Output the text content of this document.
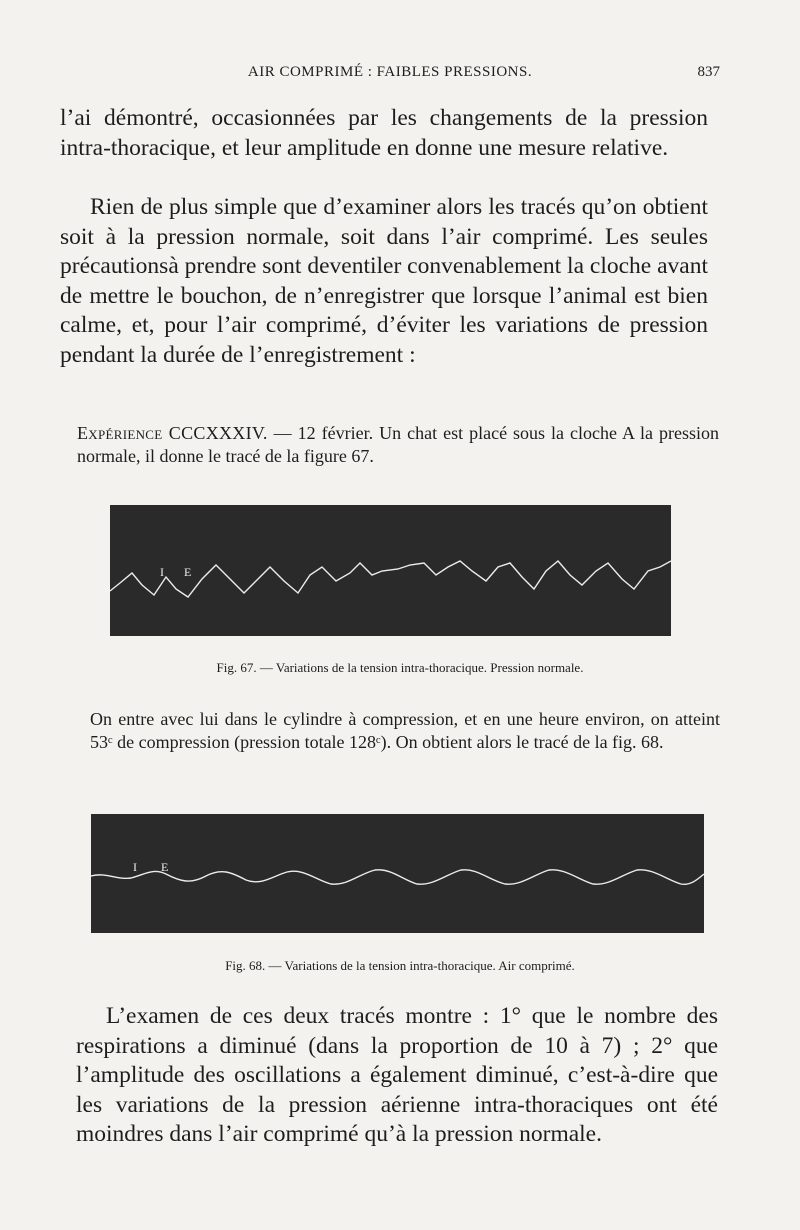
AIR COMPRIMÉ : FAIBLES PRESSIONS.	837

l’ai démontré, occasionnées par les changements de la pression intra-thoracique, et leur amplitude en donne une mesure relative.

Rien de plus simple que d’examiner alors les tracés qu’on obtient soit à la pression normale, soit dans l’air comprimé. Les seules précautionsà prendre sont deventiler convenablement la cloche avant de mettre le bouchon, de n’enregistrer que lorsque l’animal est bien calme, et, pour l’air comprimé, d’éviter les variations de pression pendant la durée de l’enregistrement :

Expérience CCCXXXIV. — 12 février. Un chat est placé sous la cloche A la pression normale, il donne le tracé de la figure 67.

I E

Fig. 67. — Variations de la tension intra-thoracique. Pression normale.

On entre avec lui dans le cylindre à compression, et en une heure environ, on atteint 53ᶜ de compression (pression totale 128ᶜ). On obtient alors le tracé de la fig. 68.

I E

Fig. 68. — Variations de la tension intra-thoracique. Air comprimé.

L’examen de ces deux tracés montre : 1° que le nombre des respirations a diminué (dans la proportion de 10 à 7) ; 2° que l’amplitude des oscillations a également diminué, c’est-à-dire que les variations de la pression aérienne intra-thoraciques ont été moindres dans l’air comprimé qu’à la pression normale.
